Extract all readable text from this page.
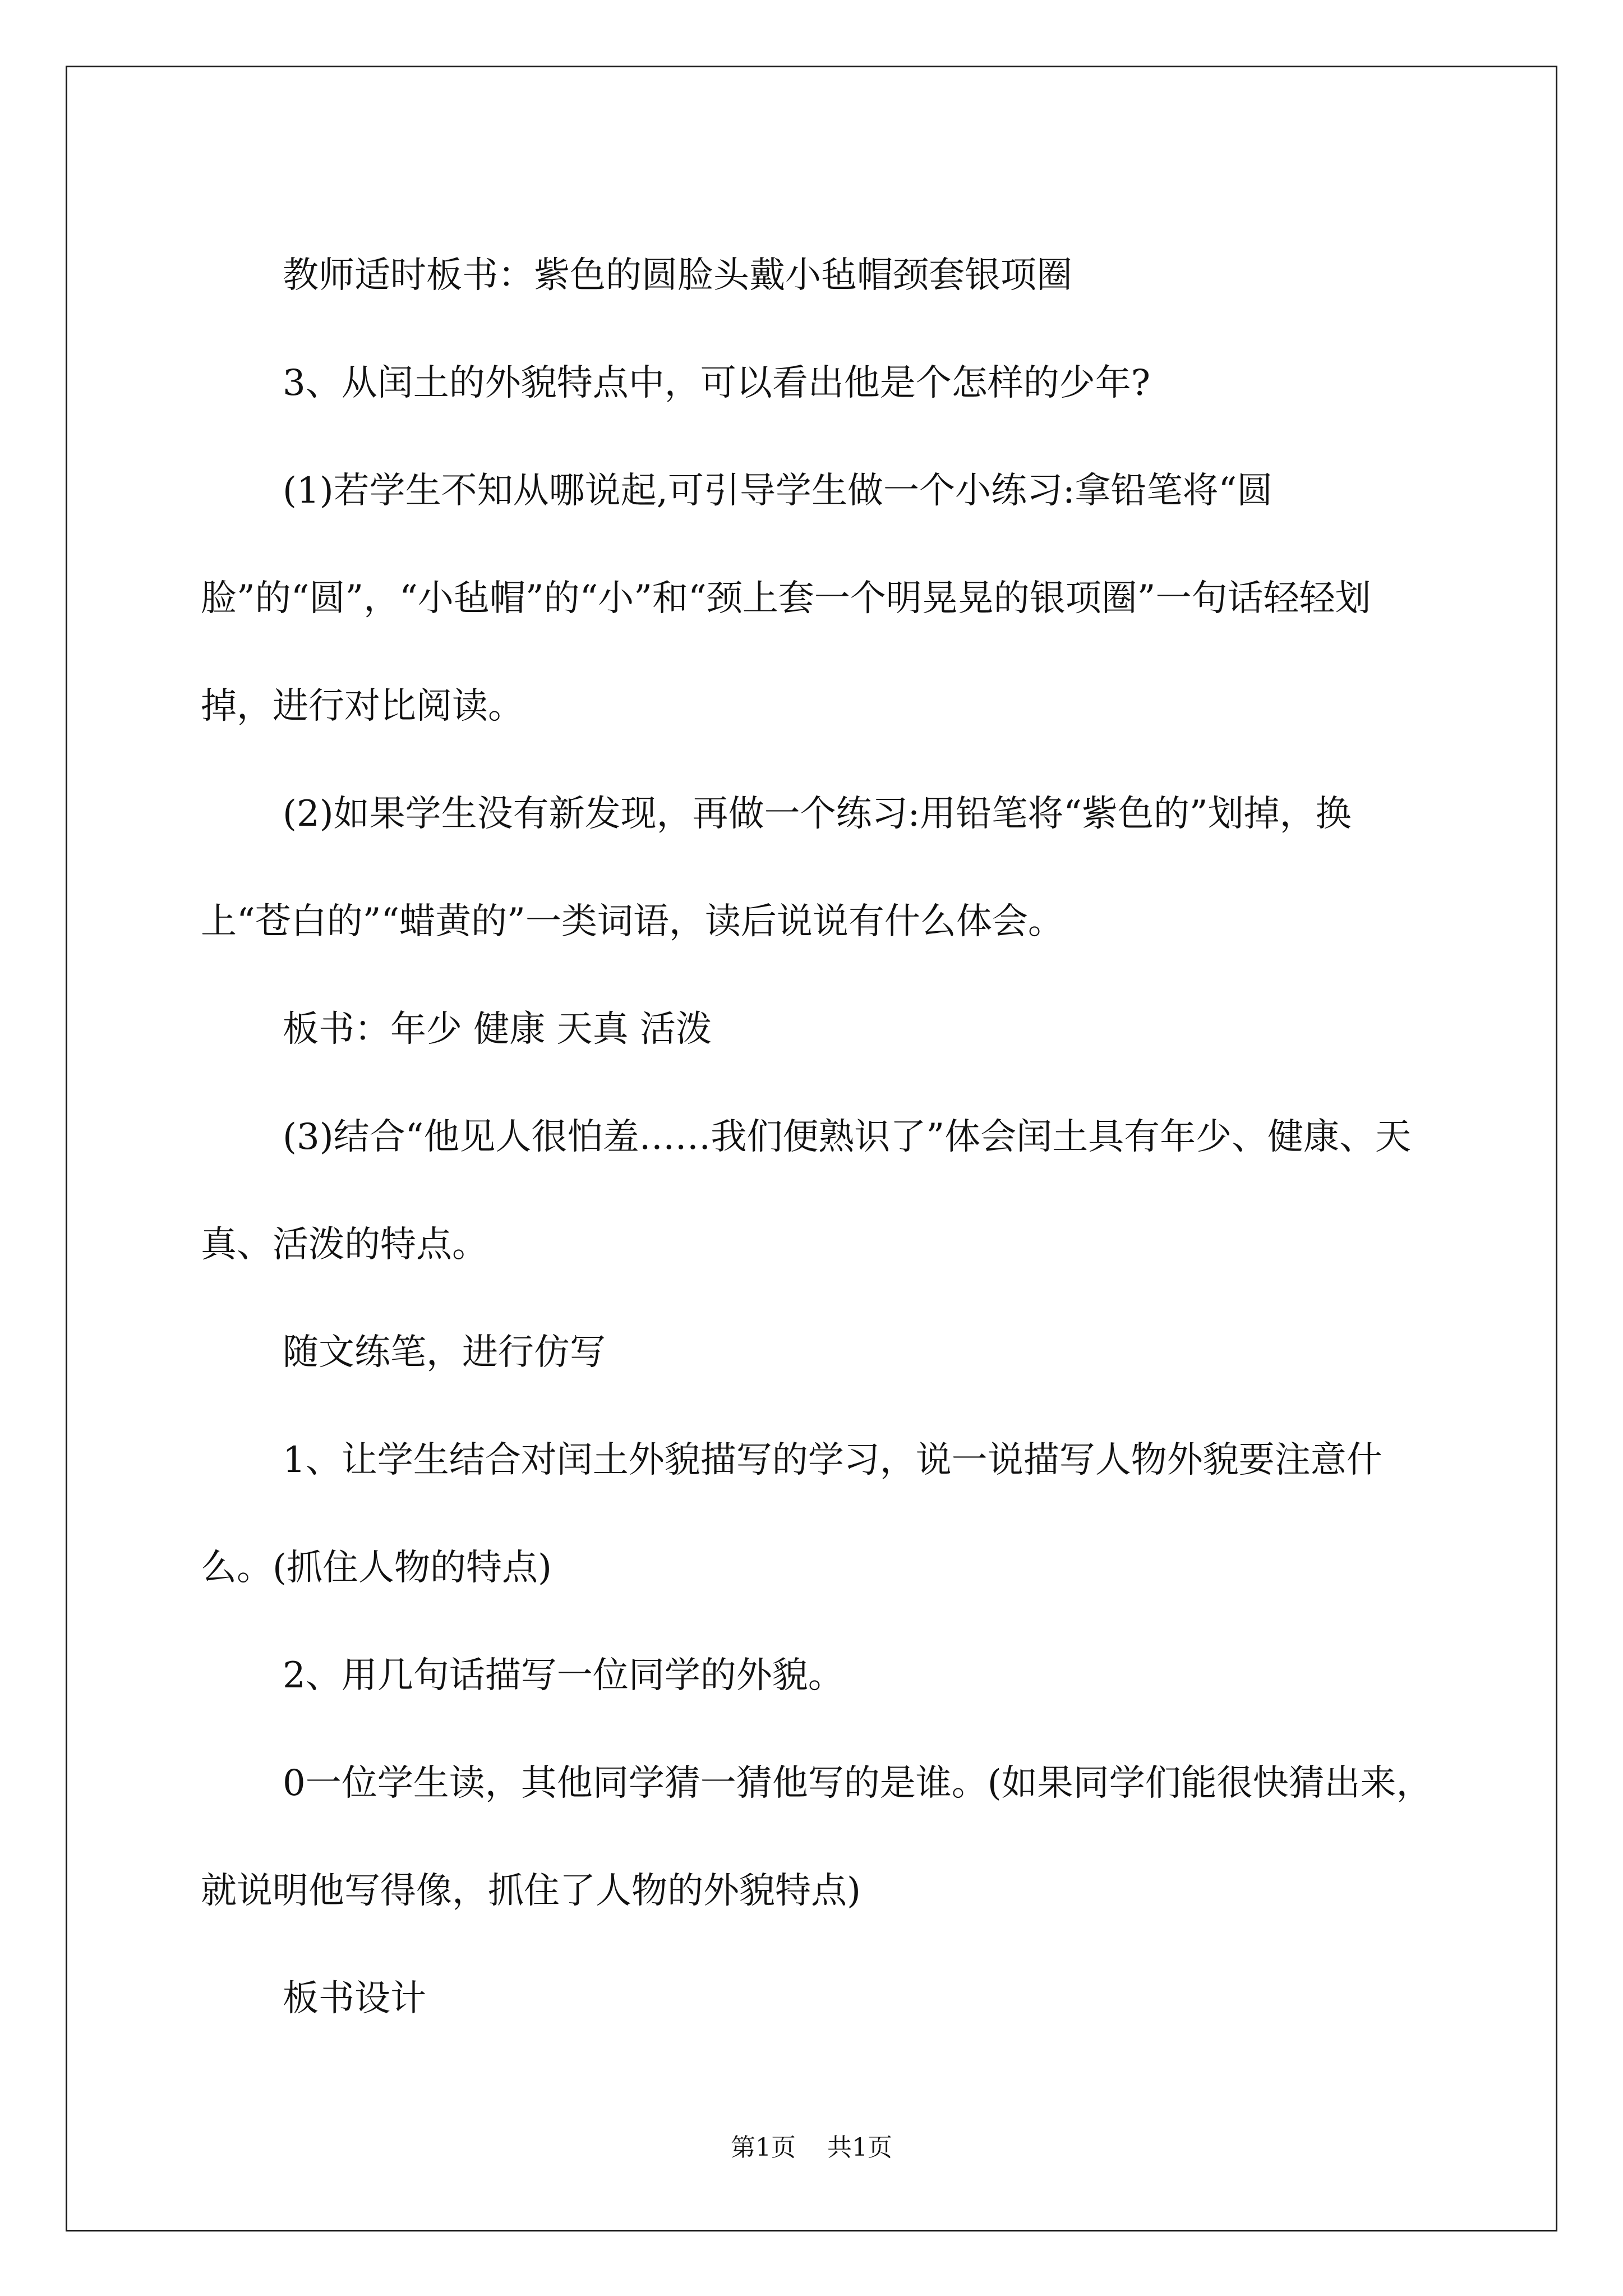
教师适时板书：紫色的圆脸头戴小毡帽颈套银项圈

3、从闰土的外貌特点中，可以看出他是个怎样的少年?

(1)若学生不知从哪说起,可引导学生做一个小练习:拿铅笔将“圆脸”的“圆”，“小毡帽”的“小”和“颈上套一个明晃晃的银项圈”一句话轻轻划掉，进行对比阅读。

(2)如果学生没有新发现，再做一个练习:用铅笔将“紫色的”划掉，换上“苍白的”“蜡黄的”一类词语，读后说说有什么体会。

板书：年少 健康 天真 活泼

(3)结合“他见人很怕羞……我们便熟识了”体会闰土具有年少、健康、天真、活泼的特点。

随文练笔，进行仿写

1、让学生结合对闰土外貌描写的学习，说一说描写人物外貌要注意什么。(抓住人物的特点)

2、用几句话描写一位同学的外貌。

0一位学生读，其他同学猜一猜他写的是谁。(如果同学们能很快猜出来，就说明他写得像，抓住了人物的外貌特点)

板书设计

第1页 共1页
